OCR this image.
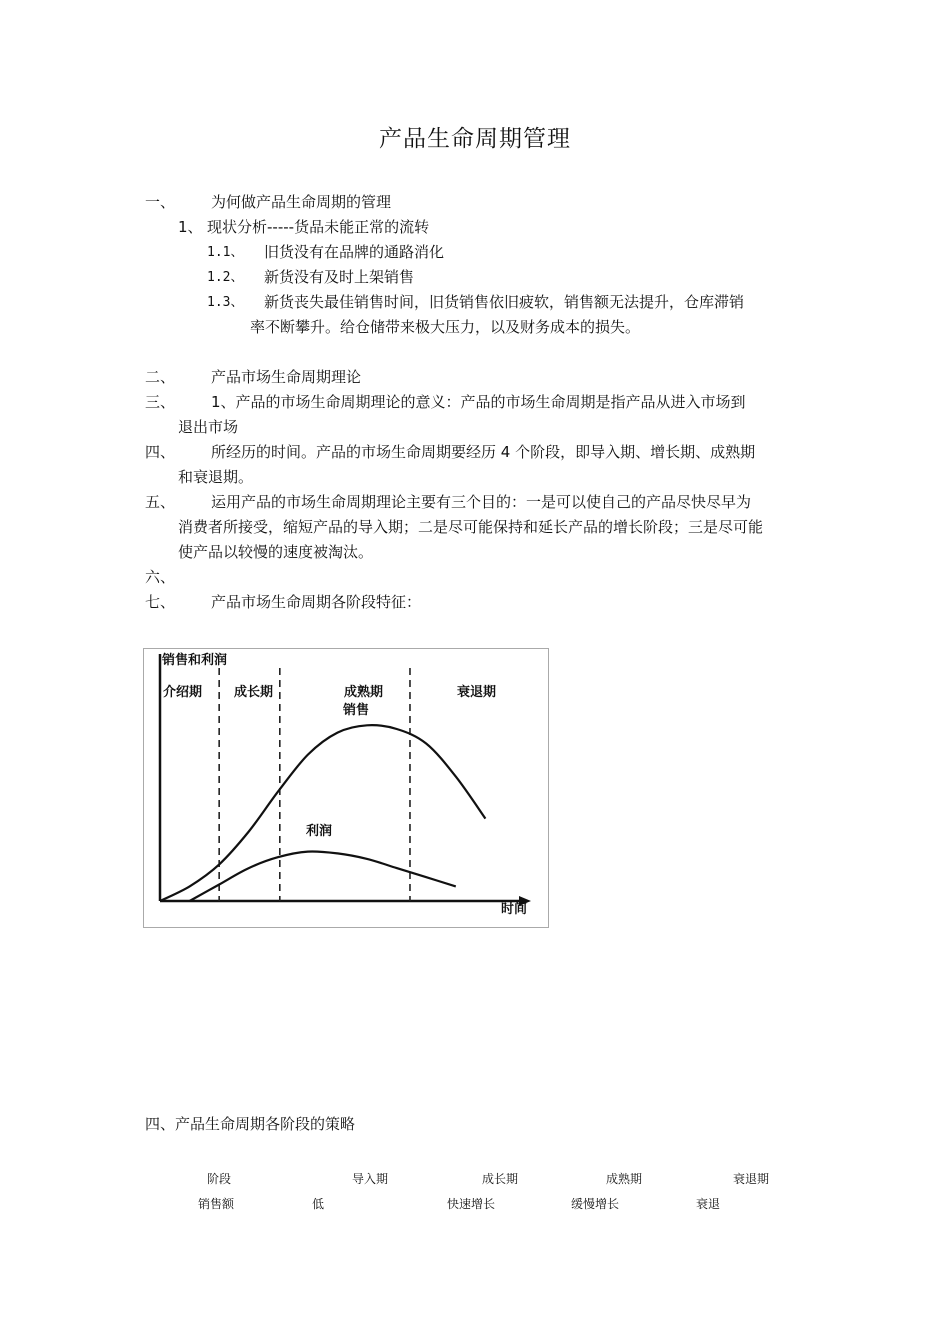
产品生命周期管理
一、 为何做产品生命周期的管理
1、 现状分析-----货品未能正常的流转
1.1、 旧货没有在品牌的通路消化
1.2、 新货没有及时上架销售
1.3、 新货丧失最佳销售时间，旧货销售依旧疲软，销售额无法提升，仓库滞销
率不断攀升。给仓储带来极大压力，以及财务成本的损失。
二、 产品市场生命周期理论
三、 1、产品的市场生命周期理论的意义：产品的市场生命周期是指产品从进入市场到
退出市场
四、 所经历的时间。产品的市场生命周期要经历 4 个阶段，即导入期、增长期、成熟期
和衰退期。
五、 运用产品的市场生命周期理论主要有三个目的：一是可以使自己的产品尽快尽早为
消费者所接受，缩短产品的导入期；二是尽可能保持和延长产品的增长阶段；三是尽可能
使产品以较慢的速度被淘汰。
六、
七、 产品市场生命周期各阶段特征：
销售和利润
时间
介绍期 成长期	成熟期	衰退期
销售
利润
四、产品生命周期各阶段的策略
阶段	导入期	成长期	成熟期	衰退期
销售额	低	快速增长	缓慢增长	衰退
